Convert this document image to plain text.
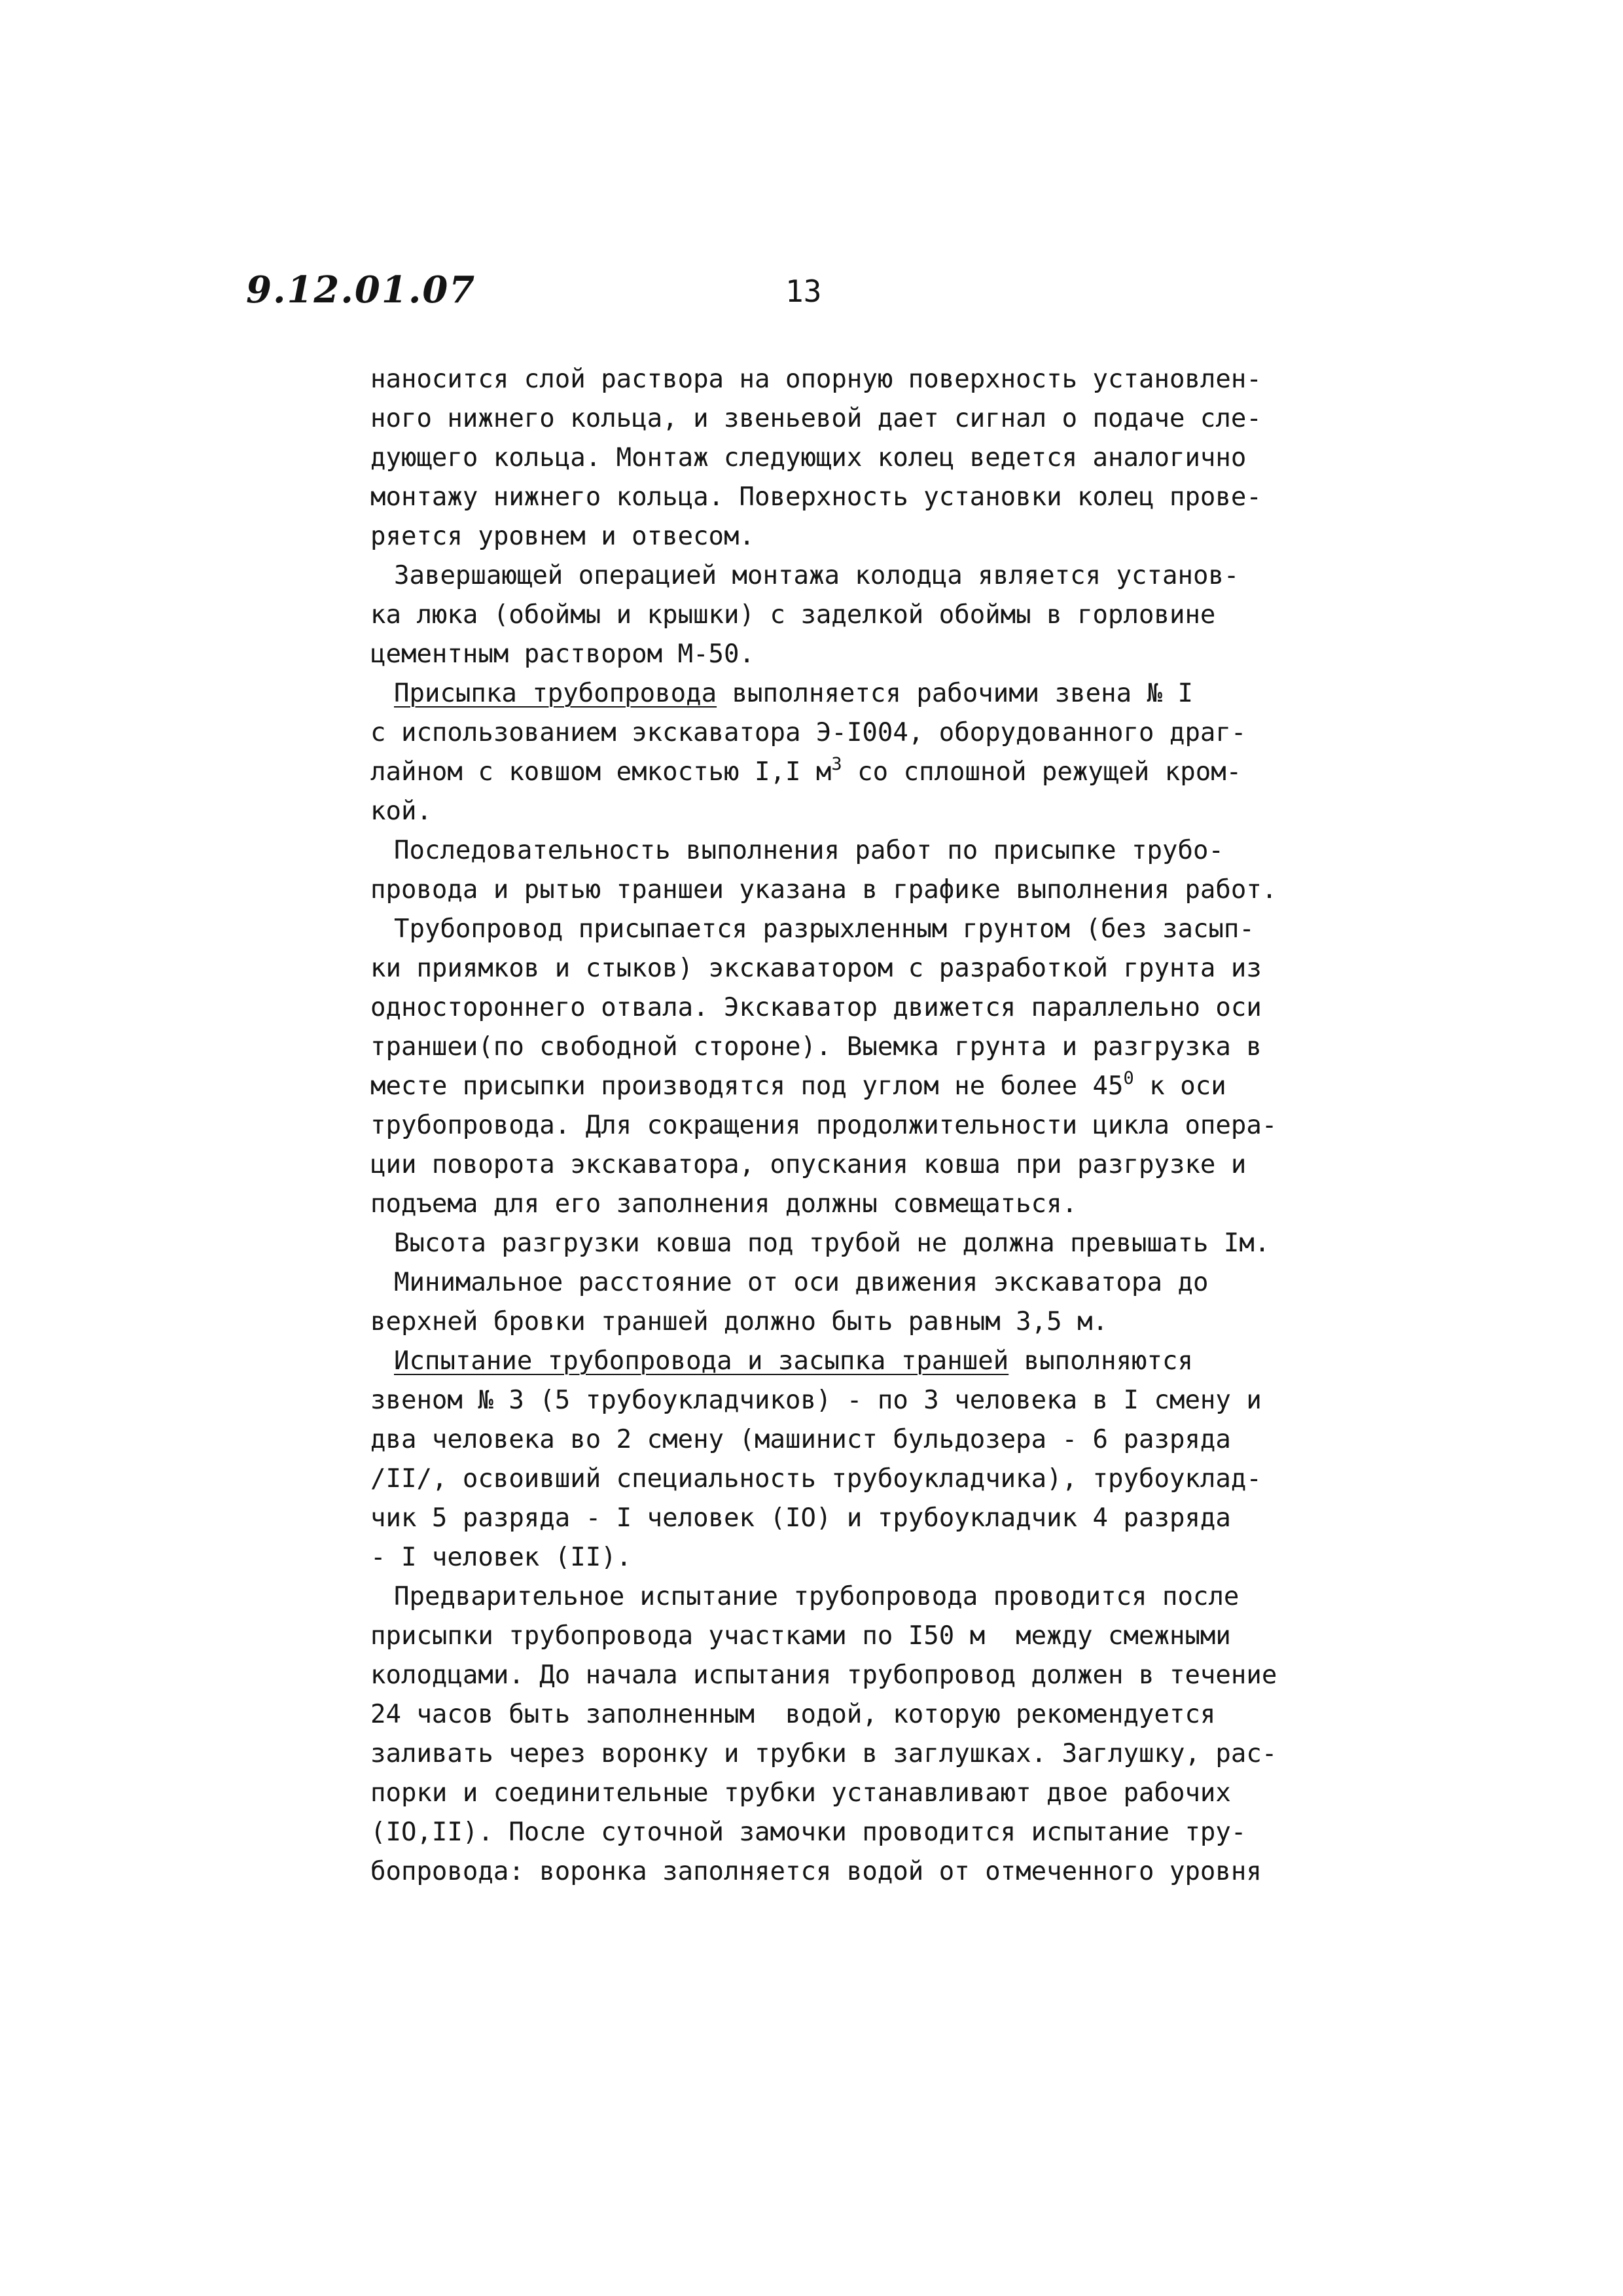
9.12.01.07	13
наносится слой раствора на опорную поверхность установлен-
ного нижнего кольца, и звеньевой дает сигнал о подаче сле-
дующего кольца. Монтаж следующих колец ведется аналогично
монтажу нижнего кольца. Поверхность установки колец прове-
ряется уровнем и отвесом.
Завершающей операцией монтажа колодца является установ-
ка люка (обоймы и крышки) с заделкой обоймы в горловине
цементным раствором М-50.
Присыпка трубопровода выполняется рабочими звена № I
с использованием экскаватора Э-I004, оборудованного драг-
лайном с ковшом емкостью I,I $м^3$ со сплошной режущей кром-
кой.
Последовательность выполнения работ по присыпке трубо-
провода и рытью траншеи указана в графике выполнения работ.
Трубопровод присыпается разрыхленным грунтом (без засып-
ки приямков и стыков) экскаватором с разработкой грунта из
одностороннего отвала. Экскаватор движется параллельно оси
траншеи(по свободной стороне). Выемка грунта и разгрузка в
месте присыпки производятся под углом не более $45^0$ к оси
трубопровода. Для сокращения продолжительности цикла опера-
ции поворота экскаватора, опускания ковша при разгрузке и
подъема для его заполнения должны совмещаться.
Высота разгрузки ковша под трубой не должна превышать Iм.
Минимальное расстояние от оси движения экскаватора до
верхней бровки траншей должно быть равным 3,5 м.
Испытание трубопровода и засыпка траншей выполняются
звеном № 3 (5 трубоукладчиков) - по 3 человека в I смену и
два человека во 2 смену (машинист бульдозера - 6 разряда
/II/, освоивший специальность трубоукладчика), трубоуклад-
чик 5 разряда - I человек (IO) и трубоукладчик 4 разряда
- I человек (II).
Предварительное испытание трубопровода проводится после
присыпки трубопровода участками по I50 м  между смежными
колодцами. До начала испытания трубопровод должен в течение
24 часов быть заполненным  водой, которую рекомендуется
заливать через воронку и трубки в заглушках. Заглушку, рас-
порки и соединительные трубки устанавливают двое рабочих
(IO,II). После суточной замочки проводится испытание тру-
бопровода: воронка заполняется водой от отмеченного уровня
